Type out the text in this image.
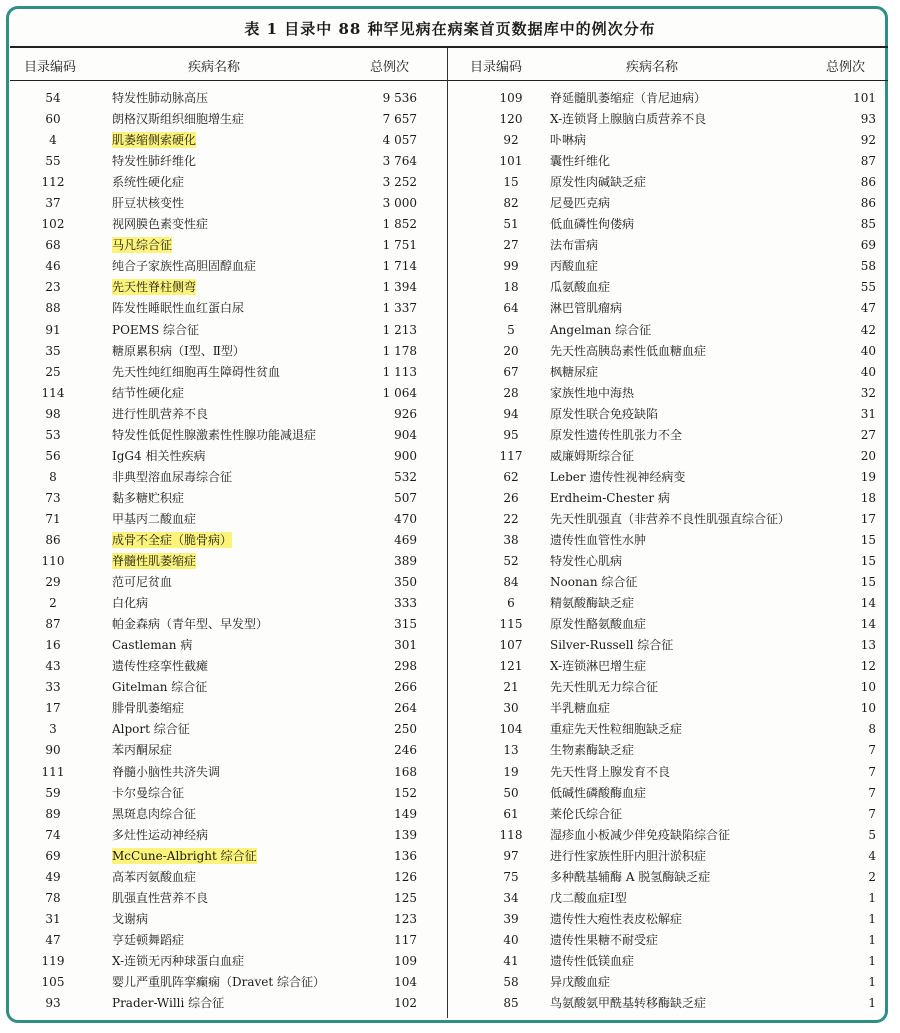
表 1 目录中 88 种罕见病在病案首页数据库中的例次分布
目录编码	疾病名称	总例次	目录编码	疾病名称	总例次
54	特发性肺动脉高压	9 536
60	朗格汉斯组织细胞增生症	7 657
4	肌萎缩侧索硬化	4 057
55	特发性肺纤维化	3 764
112	系统性硬化症	3 252
37	肝豆状核变性	3 000
102	视网膜色素变性症	1 852
68	马凡综合征	1 751
46	纯合子家族性高胆固醇血症	1 714
23	先天性脊柱侧弯	1 394
88	阵发性睡眠性血红蛋白尿	1 337
91	POEMS 综合征	1 213
35	糖原累积病（Ⅰ型、Ⅱ型）	1 178
25	先天性纯红细胞再生障碍性贫血	1 113
114	结节性硬化症	1 064
98	进行性肌营养不良	926
53	特发性低促性腺激素性性腺功能减退症	904
56	IgG4 相关性疾病	900
8	非典型溶血尿毒综合征	532
73	黏多糖贮积症	507
71	甲基丙二酸血症	470
86	成骨不全症（脆骨病）	469
110	脊髓性肌萎缩症	389
29	范可尼贫血	350
2	白化病	333
87	帕金森病（青年型、早发型）	315
16	Castleman 病	301
43	遗传性痉挛性截瘫	298
33	Gitelman 综合征	266
17	腓骨肌萎缩症	264
3	Alport 综合征	250
90	苯丙酮尿症	246
111	脊髓小脑性共济失调	168
59	卡尔曼综合征	152
89	黑斑息肉综合征	149
74	多灶性运动神经病	139
69	McCune-Albright 综合征	136
49	高苯丙氨酸血症	126
78	肌强直性营养不良	125
31	戈谢病	123
47	亨廷顿舞蹈症	117
119	X-连锁无丙种球蛋白血症	109
105	婴儿严重肌阵挛癫痫（Dravet 综合征）	104
93	Prader-Willi 综合征	102
109	脊延髓肌萎缩症（肯尼迪病）	101
120	X-连锁肾上腺脑白质营养不良	93
92	卟啉病	92
101	囊性纤维化	87
15	原发性肉碱缺乏症	86
82	尼曼匹克病	86
51	低血磷性佝偻病	85
27	法布雷病	69
99	丙酸血症	58
18	瓜氨酸血症	55
64	淋巴管肌瘤病	47
5	Angelman 综合征	42
20	先天性高胰岛素性低血糖血症	40
67	枫糖尿症	40
28	家族性地中海热	32
94	原发性联合免疫缺陷	31
95	原发性遗传性肌张力不全	27
117	威廉姆斯综合征	20
62	Leber 遗传性视神经病变	19
26	Erdheim-Chester 病	18
22	先天性肌强直（非营养不良性肌强直综合征）	17
38	遗传性血管性水肿	15
52	特发性心肌病	15
84	Noonan 综合征	15
6	精氨酸酶缺乏症	14
115	原发性酪氨酸血症	14
107	Silver-Russell 综合征	13
121	X-连锁淋巴增生症	12
21	先天性肌无力综合征	10
30	半乳糖血症	10
104	重症先天性粒细胞缺乏症	8
13	生物素酶缺乏症	7
19	先天性肾上腺发育不良	7
50	低碱性磷酸酶血症	7
61	莱伦氏综合征	7
118	湿疹血小板减少伴免疫缺陷综合征	5
97	进行性家族性肝内胆汁淤积症	4
75	多种酰基辅酶 A 脱氢酶缺乏症	2
34	戊二酸血症Ⅰ型	1
39	遗传性大疱性表皮松解症	1
40	遗传性果糖不耐受症	1
41	遗传性低镁血症	1
58	异戊酸血症	1
85	鸟氨酸氨甲酰基转移酶缺乏症	1
